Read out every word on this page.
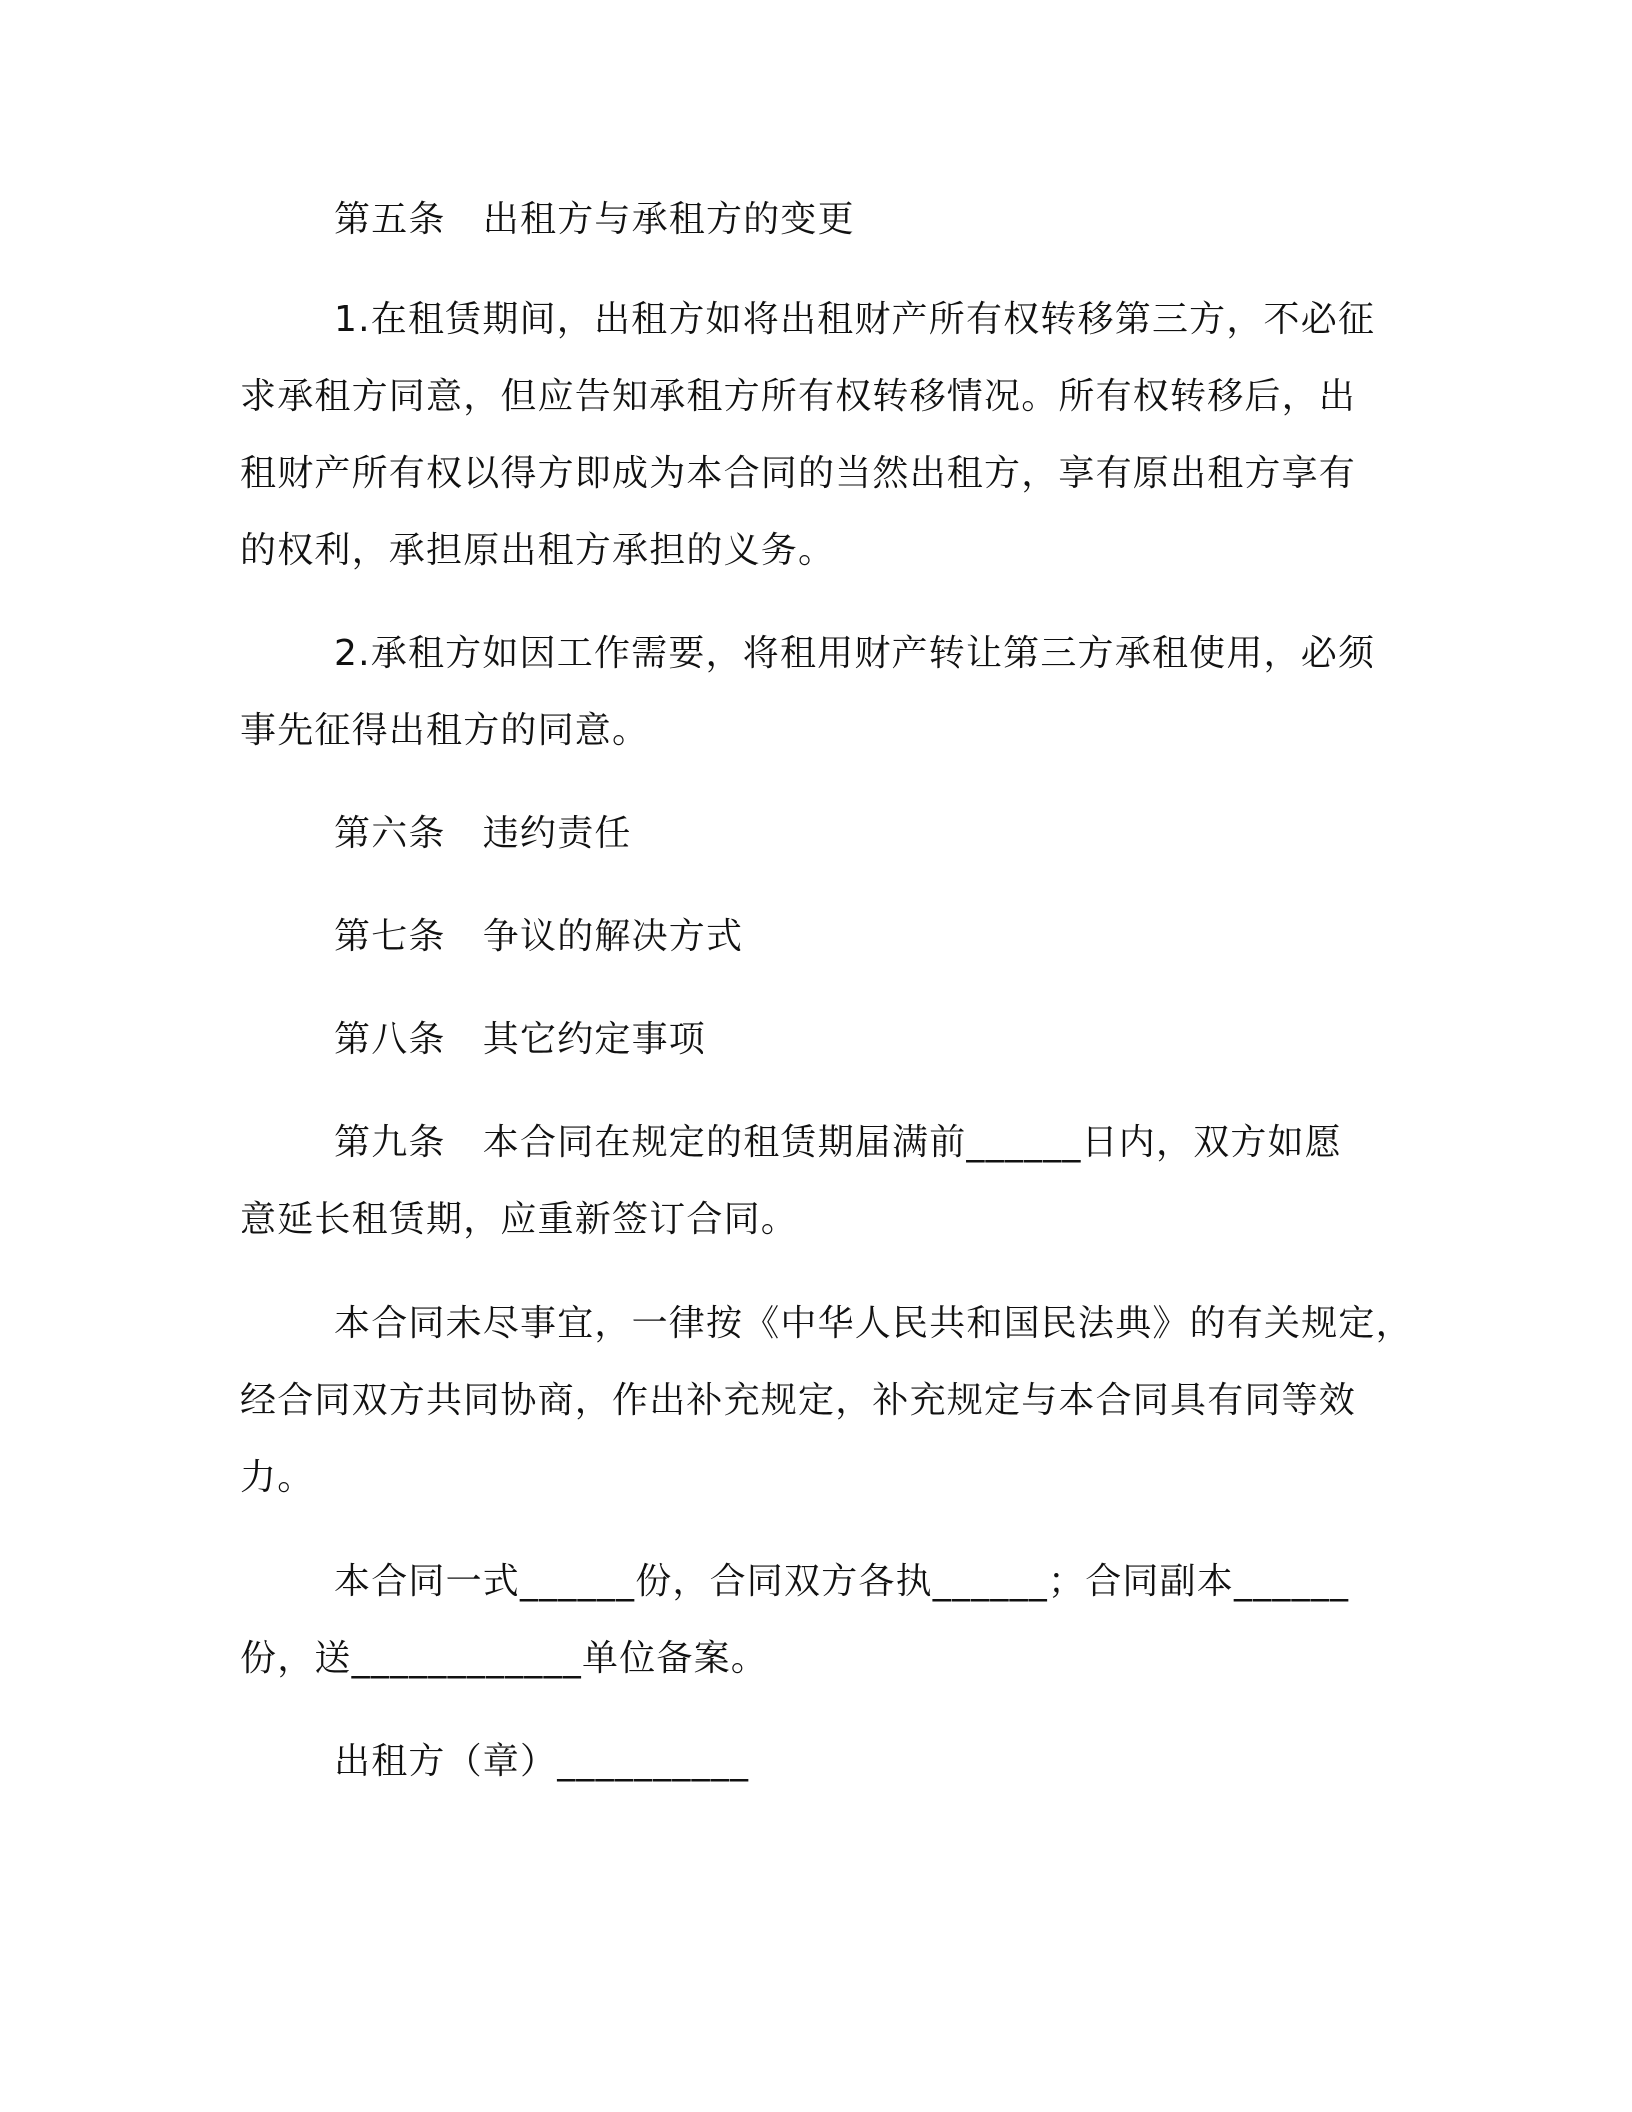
第五条　出租方与承租方的变更
1.在租赁期间，出租方如将出租财产所有权转移第三方，不必征
求承租方同意，但应告知承租方所有权转移情况。所有权转移后，出
租财产所有权以得方即成为本合同的当然出租方，享有原出租方享有
的权利，承担原出租方承担的义务。
2.承租方如因工作需要，将租用财产转让第三方承租使用，必须
事先征得出租方的同意。
第六条　违约责任
第七条　争议的解决方式
第八条　其它约定事项
第九条　本合同在规定的租赁期届满前______日内，双方如愿
意延长租赁期，应重新签订合同。
本合同未尽事宜，一律按《中华人民共和国民法典》的有关规定，
经合同双方共同协商，作出补充规定，补充规定与本合同具有同等效
力。
本合同一式______份，合同双方各执______；合同副本______
份，送____________单位备案。
出租方（章）__________
